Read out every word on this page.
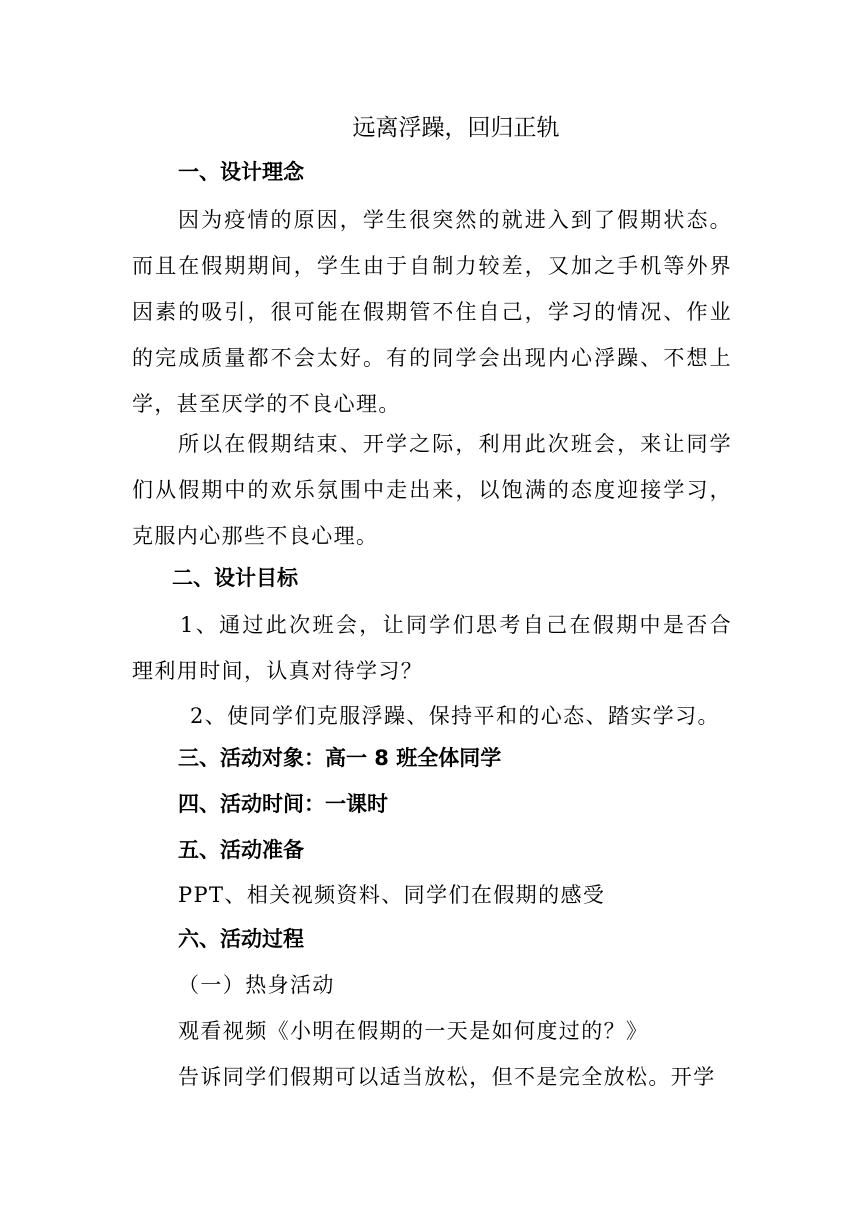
远离浮躁，回归正轨
一、设计理念
因为疫情的原因，学生很突然的就进入到了假期状态。而且在假期期间，学生由于自制力较差，又加之手机等外界因素的吸引，很可能在假期管不住自己，学习的情况、作业的完成质量都不会太好。有的同学会出现内心浮躁、不想上学，甚至厌学的不良心理。
所以在假期结束、开学之际，利用此次班会，来让同学们从假期中的欢乐氛围中走出来，以饱满的态度迎接学习，克服内心那些不良心理。
二、设计目标
1、通过此次班会，让同学们思考自己在假期中是否合理利用时间，认真对待学习？
2、使同学们克服浮躁、保持平和的心态、踏实学习。
三、活动对象：高一 8 班全体同学
四、活动时间：一课时
五、活动准备
PPT、相关视频资料、同学们在假期的感受
六、活动过程
（一）热身活动
观看视频《小明在假期的一天是如何度过的？》
告诉同学们假期可以适当放松，但不是完全放松。开学
